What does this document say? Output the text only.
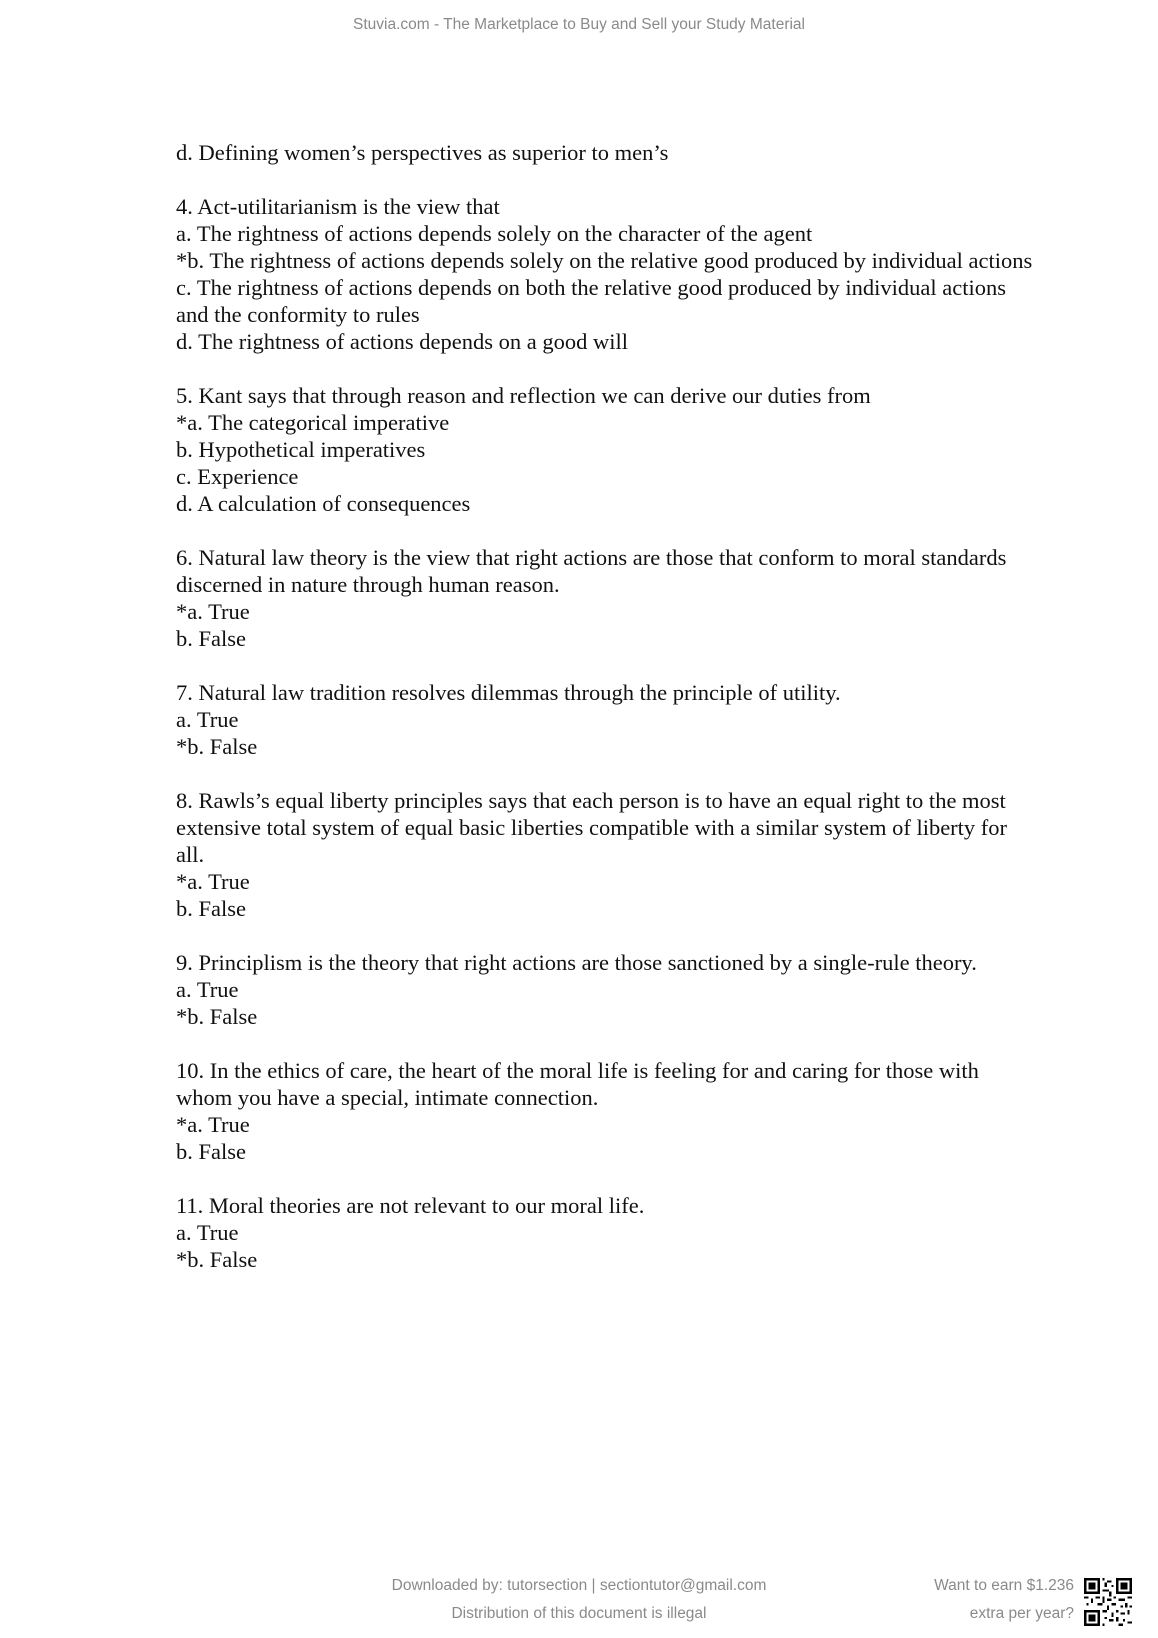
Stuvia.com - The Marketplace to Buy and Sell your Study Material

d. Defining women’s perspectives as superior to men’s

4. Act-utilitarianism is the view that

a. The rightness of actions depends solely on the character of the agent

*b. The rightness of actions depends solely on the relative good produced by individual actions

c. The rightness of actions depends on both the relative good produced by individual actions and the conformity to rules

d. The rightness of actions depends on a good will

5. Kant says that through reason and reflection we can derive our duties from

*a. The categorical imperative

b. Hypothetical imperatives

c. Experience

d. A calculation of consequences

6. Natural law theory is the view that right actions are those that conform to moral standards discerned in nature through human reason.

*a. True

b. False

7. Natural law tradition resolves dilemmas through the principle of utility.

a. True

*b. False

8. Rawls’s equal liberty principles says that each person is to have an equal right to the most extensive total system of equal basic liberties compatible with a similar system of liberty for all.

*a. True

b. False

9. Principlism is the theory that right actions are those sanctioned by a single-rule theory.

a. True

*b. False

10. In the ethics of care, the heart of the moral life is feeling for and caring for those with whom you have a special, intimate connection.

*a. True

b. False

11. Moral theories are not relevant to our moral life.

a. True

*b. False

Downloaded by: tutorsection | sectiontutor@gmail.com
Distribution of this document is illegal
Want to earn $1.236
extra per year?
